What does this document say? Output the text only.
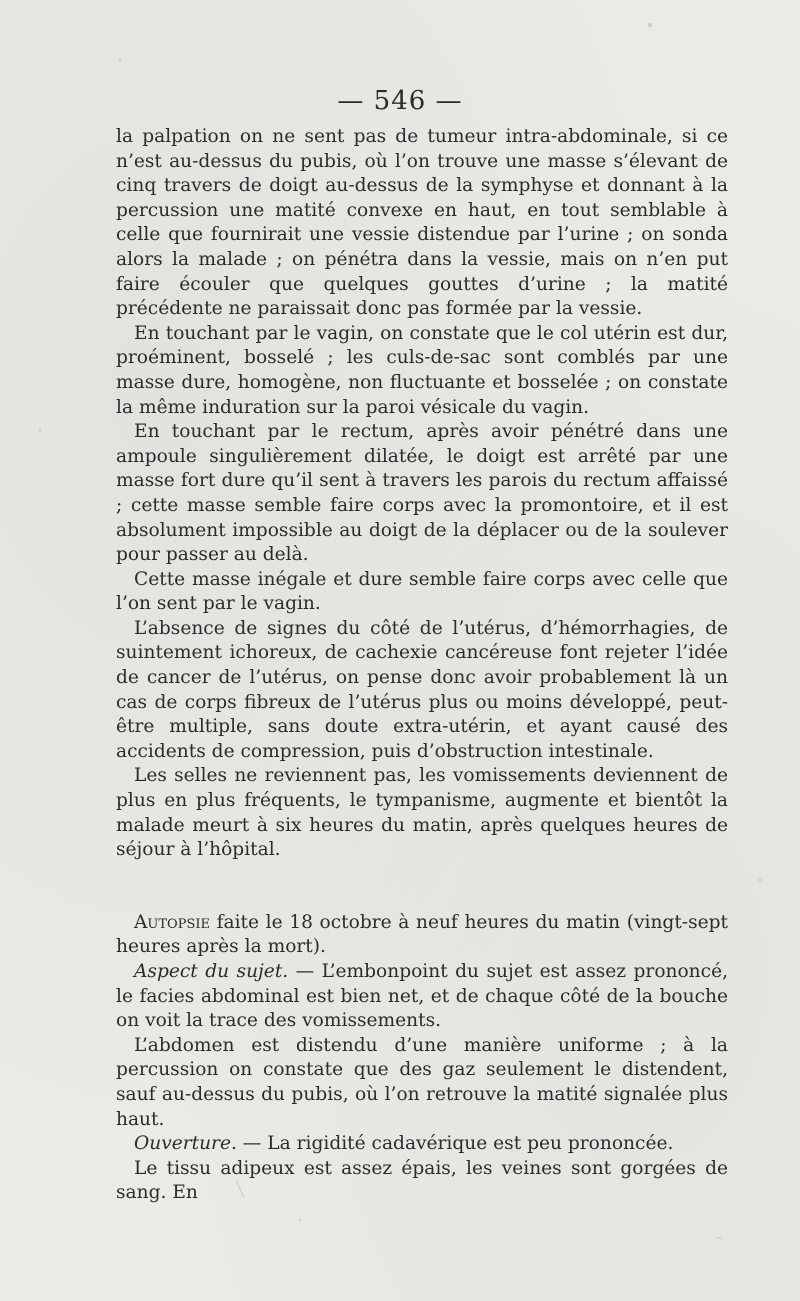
— 546 —

la palpation on ne sent pas de tumeur intra-abdominale, si ce n’est au-dessus du pubis, où l’on trouve une masse s’élevant de cinq travers de doigt au-dessus de la symphyse et donnant à la percussion une matité convexe en haut, en tout semblable à celle que fournirait une vessie distendue par l’urine ; on sonda alors la malade ; on pénétra dans la vessie, mais on n’en put faire écouler que quelques gouttes d’urine ; la matité précédente ne paraissait donc pas formée par la vessie.

En touchant par le vagin, on constate que le col utérin est dur, proéminent, bosselé ; les culs-de-sac sont comblés par une masse dure, homogène, non fluctuante et bosselée ; on constate la même induration sur la paroi vésicale du vagin.

En touchant par le rectum, après avoir pénétré dans une ampoule singulièrement dilatée, le doigt est arrêté par une masse fort dure qu’il sent à travers les parois du rectum affaissé ; cette masse semble faire corps avec la promontoire, et il est absolument impossible au doigt de la déplacer ou de la soulever pour passer au delà.

Cette masse inégale et dure semble faire corps avec celle que l’on sent par le vagin.

L’absence de signes du côté de l’utérus, d’hémorrhagies, de suintement ichoreux, de cachexie cancéreuse font rejeter l’idée de cancer de l’utérus, on pense donc avoir probablement là un cas de corps fibreux de l’utérus plus ou moins développé, peut-être multiple, sans doute extra-utérin, et ayant causé des accidents de compression, puis d’obstruction intestinale.

Les selles ne reviennent pas, les vomissements deviennent de plus en plus fréquents, le tympanisme, augmente et bientôt la malade meurt à six heures du matin, après quelques heures de séjour à l’hôpital.

Autopsie faite le 18 octobre à neuf heures du matin (vingt-sept heures après la mort).

Aspect du sujet. — L’embonpoint du sujet est assez prononcé, le facies abdominal est bien net, et de chaque côté de la bouche on voit la trace des vomissements.

L’abdomen est distendu d’une manière uniforme ; à la percussion on constate que des gaz seulement le distendent, sauf au-dessus du pubis, où l’on retrouve la matité signalée plus haut.

Ouverture. — La rigidité cadavérique est peu prononcée.

Le tissu adipeux est assez épais, les veines sont gorgées de sang. En
